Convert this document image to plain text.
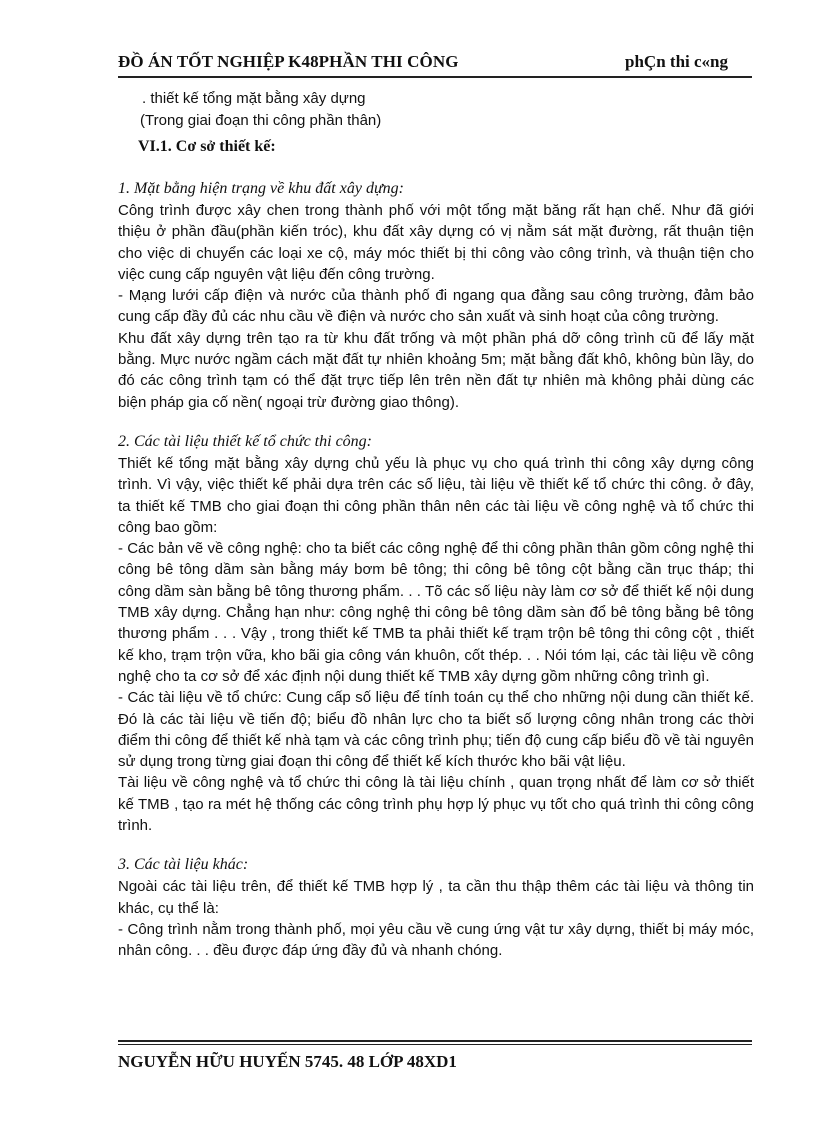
ĐỒ ÁN TỐT NGHIỆP K48PHẦN THI CÔNG	phÇn thi c«ng
. thiết kế tổng mặt bằng xây dựng
(Trong giai đoạn thi công phần thân)
VI.1. Cơ sở thiết kế:
1. Mặt bằng hiện trạng về khu đất xây dựng:

Công trình được xây chen trong thành phố với một tổng mặt băng rất hạn chế. Như đã giới thiệu ở phần đầu(phần kiến tróc), khu đất xây dựng có vị nằm sát mặt đường, rất thuận tiện cho việc di chuyển các loại xe cộ, máy móc thiết bị thi công vào công trình, và thuận tiện cho việc cung cấp nguyên vật liệu đến công trường.

- Mạng lưới cấp điện và nước của thành phố đi ngang qua đằng sau công trường, đảm bảo cung cấp đầy đủ các nhu cầu về điện và nước cho sản xuất và sinh hoạt của công trường.

Khu đất xây dựng trên tạo ra từ khu đất trống và một phần phá dỡ công trình cũ để lấy mặt bằng. Mực nước ngầm cách mặt đất tự nhiên khoảng 5m; mặt bằng đất khô, không bùn lầy, do đó các công trình tạm có thể đặt trực tiếp lên trên nền đất tự nhiên mà không phải dùng các biện pháp gia cố nền( ngoại trừ đường giao thông).

2. Các tài liệu thiết kế tổ chức thi công:

Thiết kế tổng mặt bằng xây dựng chủ yếu là phục vụ cho quá trình thi công xây dựng công trình. Vì vậy, việc thiết kế phải dựa trên các số liệu, tài liệu về thiết kế tổ chức thi công. ở đây, ta thiết kế TMB cho giai đoạn thi công phần thân nên các tài liệu về công nghệ và tổ chức thi công bao gồm:

- Các bản vẽ về công nghệ: cho ta biết các công nghệ để thi công phần thân gồm công nghệ thi công bê tông dầm sàn bằng máy bơm bê tông; thi công bê tông cột bằng cần trục tháp; thi công dầm sàn bằng bê tông thương phẩm. . . Tõ các số liệu này làm cơ sở để thiết kế nội dung TMB xây dựng. Chẳng hạn như: công nghệ thi công bê tông dầm sàn đổ bê tông bằng bê tông thương phẩm . . . Vậy , trong thiết kế TMB ta phải thiết kế trạm trộn bê tông thi công cột , thiết kế kho, trạm trộn vữa, kho bãi gia công ván khuôn, cốt thép. . . Nói tóm lại, các tài liệu về công nghệ cho ta cơ sở để xác định nội dung thiết kế TMB xây dựng gồm những công trình gì.

- Các tài liệu về tổ chức: Cung cấp số liệu để tính toán cụ thể cho những nội dung cần thiết kế. Đó là các tài liệu về tiến độ; biểu đồ nhân lực cho ta biết số lượng công nhân trong các thời điểm thi công để thiết kế nhà tạm và các công trình phụ; tiến độ cung cấp biểu đồ về tài nguyên sử dụng trong từng giai đoạn thi công để thiết kế kích thước kho bãi vật liệu.

Tài liệu về công nghệ và tổ chức thi công là tài liệu chính , quan trọng nhất để làm cơ sở thiết kế TMB , tạo ra mét hệ thống các công trình phụ hợp lý phục vụ tốt cho quá trình thi công công trình.

3. Các tài liệu khác:

Ngoài các tài liệu trên, để thiết kế TMB hợp lý , ta cần thu thập thêm các tài liệu và thông tin khác, cụ thể là:

- Công trình nằm trong thành phố, mọi yêu cầu về cung ứng vật tư xây dựng, thiết bị máy móc, nhân công. . . đều được đáp ứng đầy đủ và nhanh chóng.

NGUYỄN HỮU HUYẾN 5745. 48 LỚP 48XD1
